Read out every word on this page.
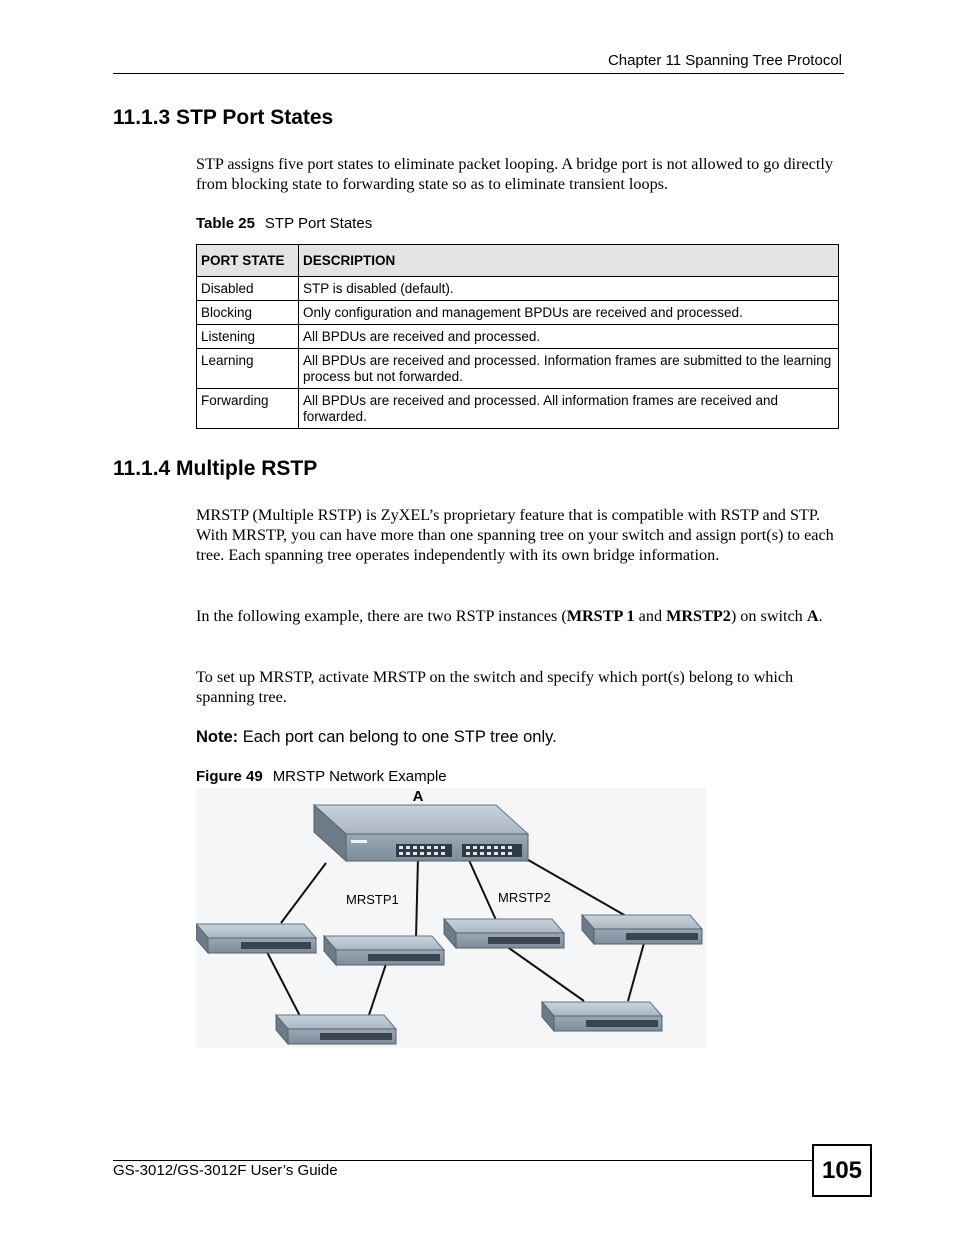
Chapter 11 Spanning Tree Protocol
11.1.3 STP Port States

STP assigns five port states to eliminate packet looping. A bridge port is not allowed to go directly from blocking state to forwarding state so as to eliminate transient loops.

Table 25 STP Port States
PORT STATE	DESCRIPTION
Disabled	STP is disabled (default).
Blocking	Only configuration and management BPDUs are received and processed.
Listening	All BPDUs are received and processed.
Learning	All BPDUs are received and processed. Information frames are submitted to the learning process but not forwarded.
Forwarding	All BPDUs are received and processed. All information frames are received and forwarded.
11.1.4 Multiple RSTP

MRSTP (Multiple RSTP) is ZyXEL’s proprietary feature that is compatible with RSTP and STP. With MRSTP, you can have more than one spanning tree on your switch and assign port(s) to each tree. Each spanning tree operates independently with its own bridge information.

In the following example, there are two RSTP instances (MRSTP 1 and MRSTP2) on switch A.

To set up MRSTP, activate MRSTP on the switch and specify which port(s) belong to which spanning tree.

Note: Each port can belong to one STP tree only.
Figure 49 MRSTP Network Example
A
MRSTP1	MRSTP2
GS-3012/GS-3012F User’s Guide	105
